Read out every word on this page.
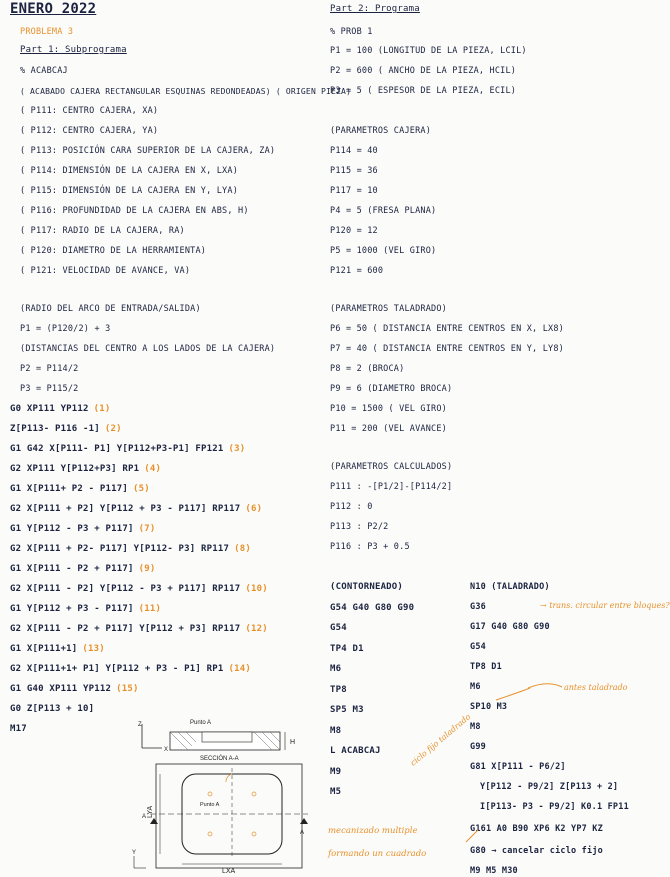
ENERO 2022
PROBLEMA 3
Part 1: Subprograma
Part 2: Programa
% ACABCAJ
( ACABADO CAJERA RECTANGULAR ESQUINAS REDONDEADAS) ( ORIGEN PIEZA)
( P111: CENTRO CAJERA, XA)
( P112: CENTRO CAJERA, YA)
( P113: POSICIÓN CARA SUPERIOR DE LA CAJERA, ZA)
( P114: DIMENSIÓN DE LA CAJERA EN X, LXA)
( P115: DIMENSIÓN DE LA CAJERA EN Y, LYA)
( P116: PROFUNDIDAD DE LA CAJERA EN ABS, H)
( P117: RADIO DE LA CAJERA, RA)
( P120: DIAMETRO DE LA HERRAMIENTA)
( P121: VELOCIDAD DE AVANCE, VA)
(RADIO DEL ARCO DE ENTRADA/SALIDA)
P1 = (P120/2) + 3
(DISTANCIAS DEL CENTRO A LOS LADOS DE LA CAJERA)
P2 = P114/2
P3 = P115/2
G0 XP111 YP112 (1)
Z[P113- P116 -1] (2)
G1 G42 X[P111- P1] Y[P112+P3-P1] FP121 (3)
G2 XP111 Y[P112+P3] RP1 (4)
G1 X[P111+ P2 - P117] (5)
G2 X[P111 + P2] Y[P112 + P3 - P117] RP117 (6)
G1 Y[P112 - P3 + P117] (7)
G2 X[P111 + P2- P117] Y[P112- P3] RP117 (8)
G1 X[P111 - P2 + P117] (9)
G2 X[P111 - P2] Y[P112 - P3 + P117] RP117 (10)
G1 Y[P112 + P3 - P117] (11)
G2 X[P111 - P2 + P117] Y[P112 + P3] RP117 (12)
G1 X[P111+1] (13)
G2 X[P111+1+ P1] Y[P112 + P3 - P1] RP1 (14)
G1 G40 XP111 YP112 (15)
G0 Z[P113 + 10]
M17
% PROB 1
P1 = 100 (LONGITUD DE LA PIEZA, LCIL)
P2 = 600 ( ANCHO DE LA PIEZA, HCIL)
P3 = 5 ( ESPESOR DE LA PIEZA, ECIL)
(PARAMETROS CAJERA)
P114 = 40
P115 = 36
P117 = 10
P4 = 5 (FRESA PLANA)
P120 = 12
P5 = 1000 (VEL GIRO)
P121 = 600
(PARAMETROS TALADRADO)
P6 = 50 ( DISTANCIA ENTRE CENTROS EN X, LX8)
P7 = 40 ( DISTANCIA ENTRE CENTROS EN Y, LY8)
P8 = 2 (BROCA)
P9 = 6 (DIAMETRO BROCA)
P10 = 1500 ( VEL GIRO)
P11 = 200 (VEL AVANCE)
(PARAMETROS CALCULADOS)
P111 : -[P1/2]-[P114/2]
P112 : 0
P113 : P2/2
P116 : P3 + 0.5
(CONTORNEADO)
G54 G40 G80 G90
G54
TP4 D1
M6
TP8
SP5 M3
M8
L ACABCAJ
M9
M5
N10 (TALADRADO)
G36
G17 G40 G80 G90
G54
TP8 D1
M6
SP10 M3
M8
G99
G81 X[P111 - P6/2]
Y[P112 - P9/2] Z[P113 + 2]
I[P113- P3 - P9/2] K0.1 FP11
G161 A0 B90 XP6 K2 YP7 KZ
G80 → cancelar ciclo fijo
M9 M5 M30
→ trans. circular entre bloques?
antes taladrado
ciclo fijo taladrado
mecanizado multiple
formando un cuadrado
Punto A
SECCIÓN A-A
Punto A
LYA
LXA
H
X
Z
Y
A
A
